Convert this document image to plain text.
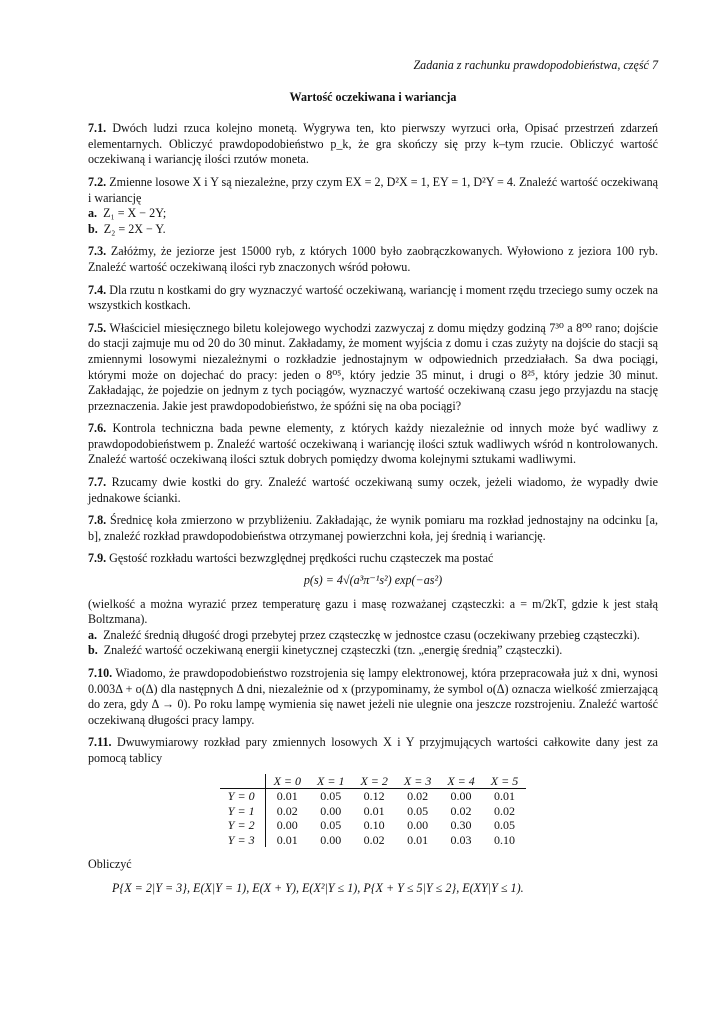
Zadania z rachunku prawdopodobieństwa, część 7
Wartość oczekiwana i wariancja
7.1. Dwóch ludzi rzuca kolejno monetą. Wygrywa ten, kto pierwszy wyrzuci orła, Opisać przestrzeń zdarzeń elementarnych. Obliczyć prawdopodobieństwo p_k, że gra skończy się przy k–tym rzucie. Obliczyć wartość oczekiwaną i wariancję ilości rzutów moneta.
7.2. Zmienne losowe X i Y są niezależne, przy czym EX = 2, D²X = 1, EY = 1, D²Y = 4. Znaleźć wartość oczekiwaną i wariancję
a. Z₁ = X − 2Y;
b. Z₂ = 2X − Y.
7.3. Załóżmy, że jeziorze jest 15000 ryb, z których 1000 było zaobrączkowanych. Wyłowiono z jeziora 100 ryb. Znaleźć wartość oczekiwaną ilości ryb znaczonych wśród połowu.
7.4. Dla rzutu n kostkami do gry wyznaczyć wartość oczekiwaną, wariancję i moment rzędu trzeciego sumy oczek na wszystkich kostkach.
7.5. Właściciel miesięcznego biletu kolejowego wychodzi zazwyczaj z domu między godziną 7³⁰ a 8⁰⁰ rano; dojście do stacji zajmuje mu od 20 do 30 minut. Zakładamy, że moment wyjścia z domu i czas zużyty na dojście do stacji są zmiennymi losowymi niezależnymi o rozkładzie jednostajnym w odpowiednich przedziałach. Sa dwa pociągi, którymi może on dojechać do pracy: jeden o 8⁰⁵, który jedzie 35 minut, i drugi o 8²⁵, który jedzie 30 minut. Zakładając, że pojedzie on jednym z tych pociągów, wyznaczyć wartość oczekiwaną czasu jego przyjazdu na stację przeznaczenia. Jakie jest prawdopodobieństwo, że spóźni się na oba pociągi?
7.6. Kontrola techniczna bada pewne elementy, z których każdy niezależnie od innych może być wadliwy z prawdopodobieństwem p. Znaleźć wartość oczekiwaną i wariancję ilości sztuk wadliwych wśród n kontrolowanych. Znaleźć wartość oczekiwaną ilości sztuk dobrych pomiędzy dwoma kolejnymi sztukami wadliwymi.
7.7. Rzucamy dwie kostki do gry. Znaleźć wartość oczekiwaną sumy oczek, jeżeli wiadomo, że wypadły dwie jednakowe ścianki.
7.8. Średnicę koła zmierzono w przybliżeniu. Zakładając, że wynik pomiaru ma rozkład jednostajny na odcinku [a, b], znaleźć rozkład prawdopodobieństwa otrzymanej powierzchni koła, jej średnią i wariancję.
7.9. Gęstość rozkładu wartości bezwzględnej prędkości ruchu cząsteczek ma postać
p(s) = 4√(a³π⁻¹s²) exp(−as²)
(wielkość a można wyrazić przez temperaturę gazu i masę rozważanej cząsteczki: a = m/2kT, gdzie k jest stałą Boltzmana).
a. Znaleźć średnią długość drogi przebytej przez cząsteczkę w jednostce czasu (oczekiwany przebieg cząsteczki).
b. Znaleźć wartość oczekiwaną energii kinetycznej cząsteczki (tzn. „energię średnią” cząsteczki).
7.10. Wiadomo, że prawdopodobieństwo rozstrojenia się lampy elektronowej, która przepracowała już x dni, wynosi 0.003Δ + o(Δ) dla następnych Δ dni, niezależnie od x (przypominamy, że symbol o(Δ) oznacza wielkość zmierzającą do zera, gdy Δ → 0). Po roku lampę wymienia się nawet jeżeli nie ulegnie ona jeszcze rozstrojeniu. Znaleźć wartość oczekiwaną długości pracy lampy.
7.11. Dwuwymiarowy rozkład pary zmiennych losowych X i Y przyjmujących wartości całkowite dany jest za pomocą tablicy
	X = 0	X = 1	X = 2	X = 3	X = 4	X = 5
Y = 0	0.01	0.05	0.12	0.02	0.00	0.01
Y = 1	0.02	0.00	0.01	0.05	0.02	0.02
Y = 2	0.00	0.05	0.10	0.00	0.30	0.05
Y = 3	0.01	0.00	0.02	0.01	0.03	0.10
Obliczyć
P{X = 2|Y = 3}, E(X|Y = 1), E(X + Y), E(X²|Y ≤ 1), P{X + Y ≤ 5|Y ≤ 2}, E(XY|Y ≤ 1).
